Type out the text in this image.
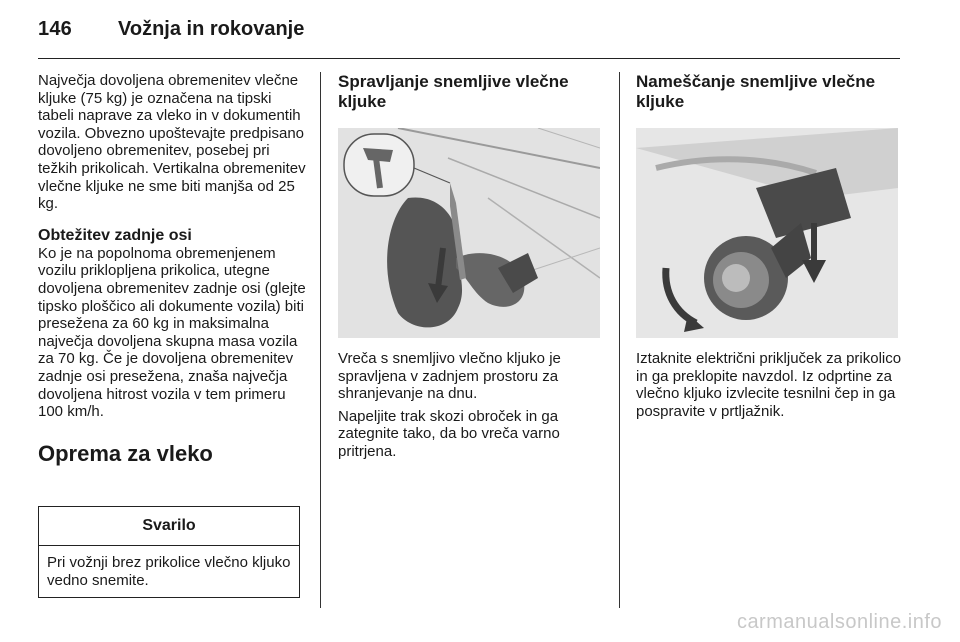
146 Vožnja in rokovanje

Največja dovoljena obremenitev vlečne kljuke (75 kg) je označena na tipski tabeli naprave za vleko in v dokumentih vozila. Obvezno upoštevajte predpisano dovoljeno obremenitev, posebej pri težkih prikolicah. Vertikalna obremenitev vlečne kljuke ne sme biti manjša od 25 kg.

Obtežitev zadnje osi

Ko je na popolnoma obremenjenem vozilu priklopljena prikolica, utegne dovoljena obremenitev zadnje osi (glejte tipsko ploščico ali dokumente vozila) biti presežena za 60 kg in maksimalna največja dovoljena skupna masa vozila za 70 kg. Če je dovoljena obremenitev zadnje osi presežena, znaša največja dovoljena hitrost vozila v tem primeru 100 km/h.

Oprema za vleko
Svarilo
Pri vožnji brez prikolice vlečno kljuko vedno snemite.
Spravljanje snemljive vlečne kljuke

Vreča s snemljivo vlečno kljuko je spravljena v zadnjem prostoru za shranjevanje na dnu.

Napeljite trak skozi obroček in ga zategnite tako, da bo vreča varno pritrjena.

Nameščanje snemljive vlečne kljuke

Iztaknite električni priključek za prikolico in ga preklopite navzdol. Iz odprtine za vlečno kljuko izvlecite tesnilni čep in ga pospravite v prtljažnik.

carmanualsonline.info
